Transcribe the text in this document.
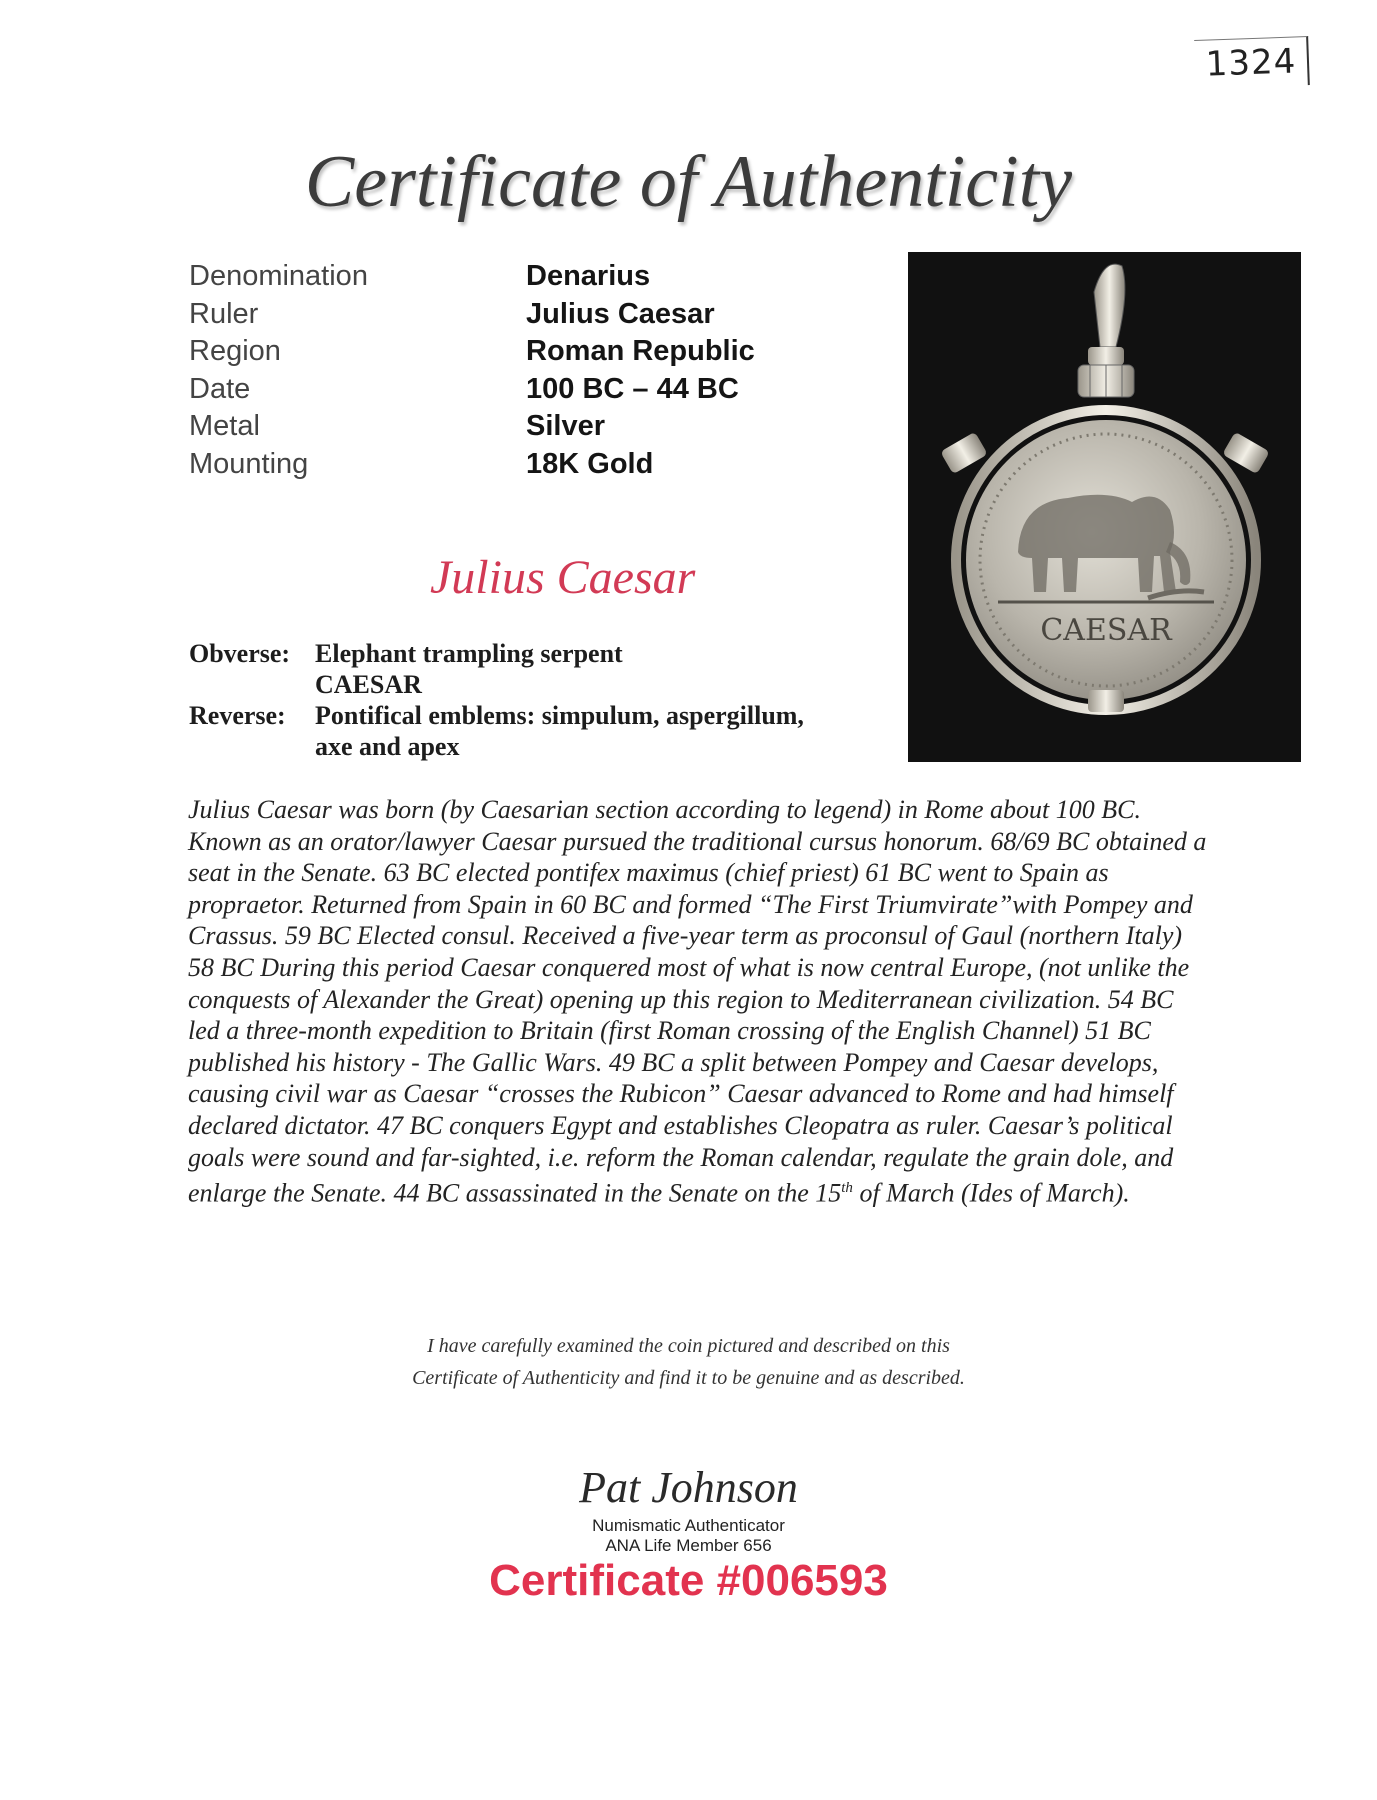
1324
Certificate of Authenticity
Denomination	Denarius
Ruler	Julius Caesar
Region	Roman Republic
Date	100 BC – 44 BC
Metal	Silver
Mounting	18K Gold
CAESAR
Julius Caesar
Obverse: Elephant trampling serpent
CAESAR
Reverse:	Pontifical emblems: simpulum, aspergillum,
axe and apex
Julius Caesar was born (by Caesarian section according to legend) in Rome about 100 BC. Known as an orator/lawyer Caesar pursued the traditional cursus honorum. 68/69 BC obtained a seat in the Senate. 63 BC elected pontifex maximus (chief priest) 61 BC went to Spain as propraetor. Returned from Spain in 60 BC and formed “The First Triumvirate”with Pompey and Crassus. 59 BC Elected consul. Received a five-year term as proconsul of Gaul (northern Italy) 58 BC During this period Caesar conquered most of what is now central Europe, (not unlike the conquests of Alexander the Great) opening up this region to Mediterranean civilization. 54 BC led a three-month expedition to Britain (first Roman crossing of the English Channel) 51 BC published his history - The Gallic Wars. 49 BC a split between Pompey and Caesar develops, causing civil war as Caesar “crosses the Rubicon” Caesar advanced to Rome and had himself declared dictator. 47 BC conquers Egypt and establishes Cleopatra as ruler. Caesar’s political goals were sound and far-sighted, i.e. reform the Roman calendar, regulate the grain dole, and enlarge the Senate. 44 BC assassinated in the Senate on the 15th of March (Ides of March).
I have carefully examined the coin pictured and described on this
Certificate of Authenticity and find it to be genuine and as described.
Pat Johnson
Numismatic Authenticator
ANA Life Member 656
Certificate #006593
